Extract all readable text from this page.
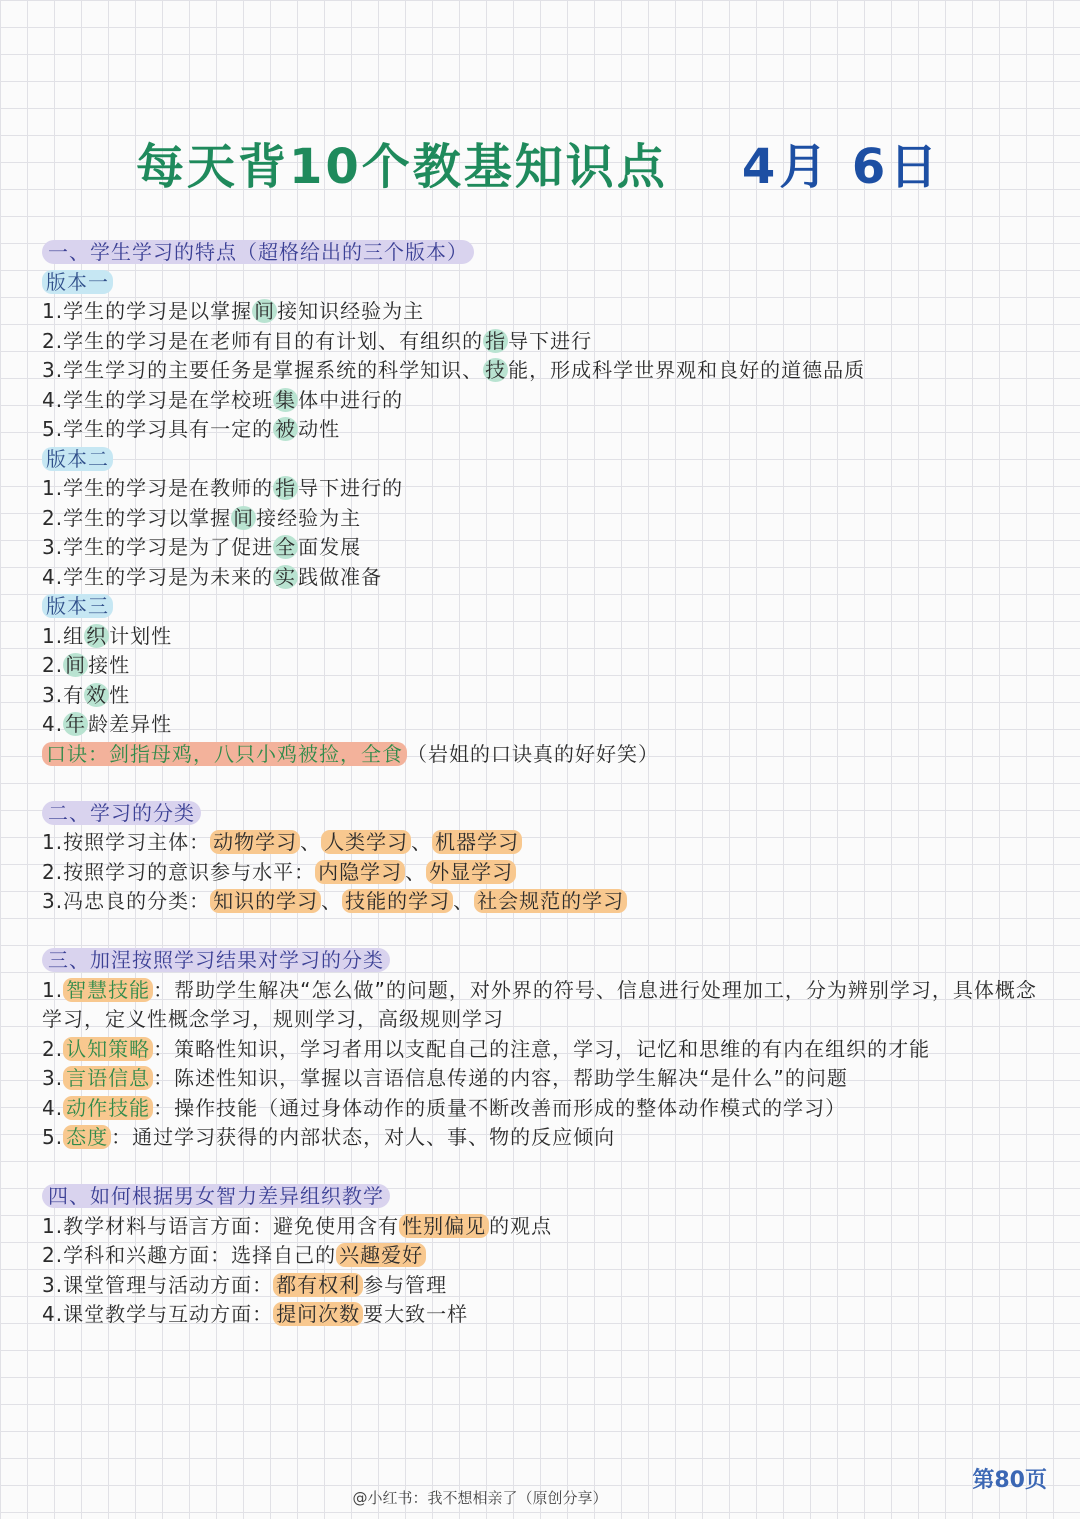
每天背10个教基知识点 4月 6日
一、学生学习的特点（超格给出的三个版本）
版本一
1.学生的学习是以掌握 间 接知识经验为主
2.学生的学习是在老师有目的有计划、有组织的 指 导下进行
3.学生学习的主要任务是掌握系统的科学知识、 技 能，形成科学世界观和良好的道德品质
4.学生的学习是在学校班 集 体中进行的
5.学生的学习具有一定的 被 动性
版本二
1.学生的学习是在教师的 指 导下进行的
2.学生的学习以掌握 间 接经验为主
3.学生的学习是为了促进 全 面发展
4.学生的学习是为未来的 实 践做准备
版本三
1.组 织 计划性
2. 间 接性
3.有 效 性
4. 年 龄差异性
口诀：剑指母鸡，八只小鸡被捡，全食 （岩姐的口诀真的好好笑）
二、学习的分类
1.按照学习主体： 动物学习 、 人类学习 、 机器学习
2.按照学习的意识参与水平： 内隐学习 、 外显学习
3.冯忠良的分类： 知识的学习 、 技能的学习 、 社会规范的学习
三、加涅按照学习结果对学习的分类
1. 智慧技能 ：帮助学生解决“怎么做”的问题，对外界的符号、信息进行处理加工，分为辨别学习，具体概念学习，定义性概念学习，规则学习，高级规则学习
2. 认知策略 ：策略性知识，学习者用以支配自己的注意，学习，记忆和思维的有内在组织的才能
3. 言语信息 ：陈述性知识，掌握以言语信息传递的内容，帮助学生解决“是什么”的问题
4. 动作技能 ：操作技能（通过身体动作的质量不断改善而形成的整体动作模式的学习）
5. 态度 ：通过学习获得的内部状态，对人、事、物的反应倾向
四、如何根据男女智力差异组织教学
1.教学材料与语言方面：避免使用含有 性别偏见 的观点
2.学科和兴趣方面：选择自己的 兴趣爱好
3.课堂管理与活动方面： 都有权利 参与管理
4.课堂教学与互动方面： 提问次数 要大致一样
第80页
@小红书：我不想相亲了（原创分享）
